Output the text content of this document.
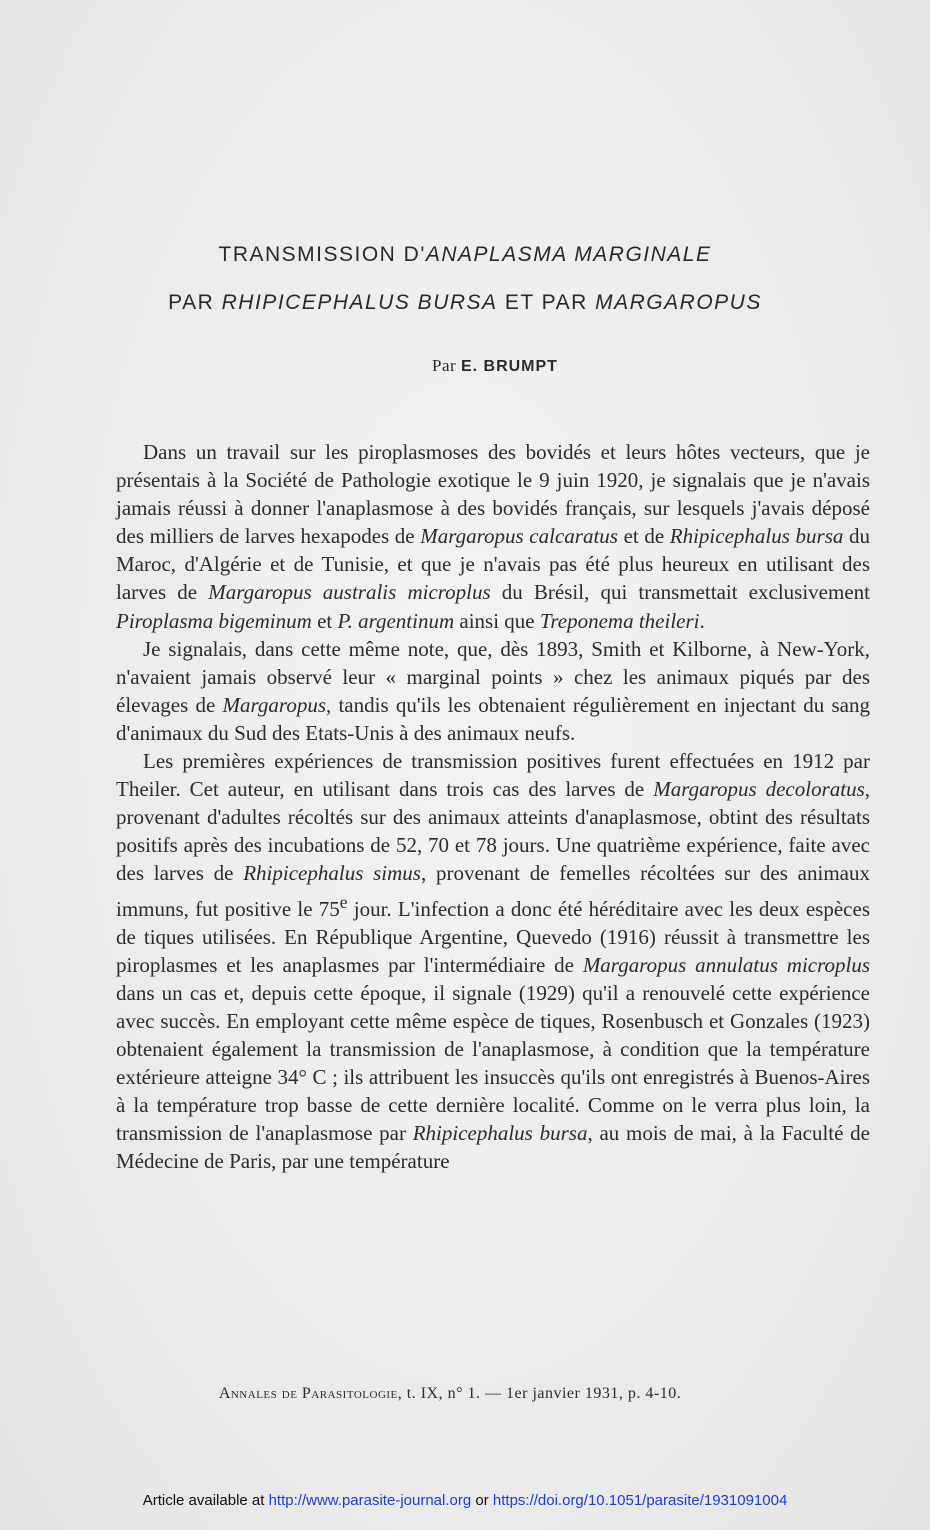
TRANSMISSION D'ANAPLASMA MARGINALE
PAR RHIPICEPHALUS BURSA ET PAR MARGAROPUS
Par E. BRUMPT

Dans un travail sur les piroplasmoses des bovidés et leurs hôtes vecteurs, que je présentais à la Société de Pathologie exotique le 9 juin 1920, je signalais que je n'avais jamais réussi à donner l'anaplasmose à des bovidés français, sur lesquels j'avais déposé des milliers de larves hexapodes de Margaropus calcaratus et de Rhipicephalus bursa du Maroc, d'Algérie et de Tunisie, et que je n'avais pas été plus heureux en utilisant des larves de Margaropus australis microplus du Brésil, qui transmettait exclusivement Piroplasma bigeminum et P. argentinum ainsi que Treponema theileri.

Je signalais, dans cette même note, que, dès 1893, Smith et Kilborne, à New-York, n'avaient jamais observé leur « marginal points » chez les animaux piqués par des élevages de Margaropus, tandis qu'ils les obtenaient régulièrement en injectant du sang d'animaux du Sud des Etats-Unis à des animaux neufs.

Les premières expériences de transmission positives furent effectuées en 1912 par Theiler. Cet auteur, en utilisant dans trois cas des larves de Margaropus decoloratus, provenant d'adultes récoltés sur des animaux atteints d'anaplasmose, obtint des résultats positifs après des incubations de 52, 70 et 78 jours. Une quatrième expérience, faite avec des larves de Rhipicephalus simus, provenant de femelles récoltées sur des animaux immuns, fut positive le 75e jour. L'infection a donc été héréditaire avec les deux espèces de tiques utilisées. En République Argentine, Quevedo (1916) réussit à transmettre les piroplasmes et les anaplasmes par l'intermédiaire de Margaropus annulatus microplus dans un cas et, depuis cette époque, il signale (1929) qu'il a renouvelé cette expérience avec succès. En employant cette même espèce de tiques, Rosenbusch et Gonzales (1923) obtenaient également la transmission de l'anaplasmose, à condition que la température extérieure atteigne 34° C ; ils attribuent les insuccès qu'ils ont enregistrés à Buenos-Aires à la température trop basse de cette dernière localité. Comme on le verra plus loin, la transmission de l'anaplasmose par Rhipicephalus bursa, au mois de mai, à la Faculté de Médecine de Paris, par une température

Annales de Parasitologie, t. IX, n° 1. — 1er janvier 1931, p. 4-10.
Article available at http://www.parasite-journal.org or https://doi.org/10.1051/parasite/1931091004
